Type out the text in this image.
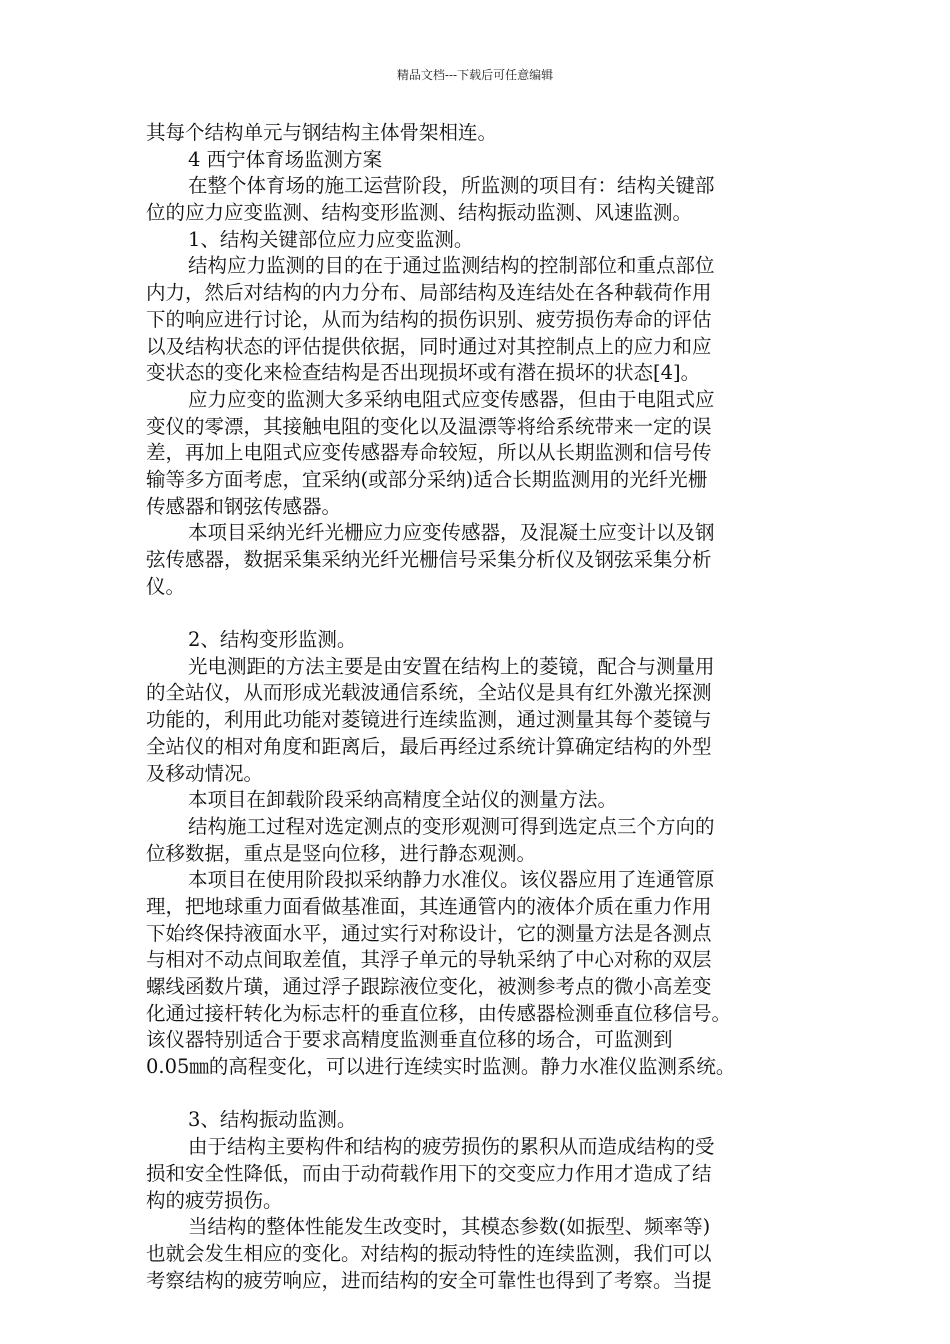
精品文档---下载后可任意编辑
其每个结构单元与钢结构主体骨架相连。
4 西宁体育场监测方案
在整个体育场的施工运营阶段，所监测的项目有：结构关键部
位的应力应变监测、结构变形监测、结构振动监测、风速监测。
1、结构关键部位应力应变监测。
结构应力监测的目的在于通过监测结构的控制部位和重点部位
内力，然后对结构的内力分布、局部结构及连结处在各种载荷作用
下的响应进行讨论，从而为结构的损伤识别、疲劳损伤寿命的评估
以及结构状态的评估提供依据，同时通过对其控制点上的应力和应
变状态的变化来检查结构是否出现损坏或有潜在损坏的状态[4]。
应力应变的监测大多采纳电阻式应变传感器，但由于电阻式应
变仪的零漂，其接触电阻的变化以及温漂等将给系统带来一定的误
差，再加上电阻式应变传感器寿命较短，所以从长期监测和信号传
输等多方面考虑，宜采纳(或部分采纳)适合长期监测用的光纤光栅
传感器和钢弦传感器。
本项目采纳光纤光栅应力应变传感器，及混凝土应变计以及钢
弦传感器，数据采集采纳光纤光栅信号采集分析仪及钢弦采集分析
仪。
2、结构变形监测。
光电测距的方法主要是由安置在结构上的菱镜，配合与测量用
的全站仪，从而形成光载波通信系统，全站仪是具有红外激光探测
功能的，利用此功能对菱镜进行连续监测，通过测量其每个菱镜与
全站仪的相对角度和距离后，最后再经过系统计算确定结构的外型
及移动情况。
本项目在卸载阶段采纳高精度全站仪的测量方法。
结构施工过程对选定测点的变形观测可得到选定点三个方向的
位移数据，重点是竖向位移，进行静态观测。
本项目在使用阶段拟采纳静力水准仪。该仪器应用了连通管原
理，把地球重力面看做基准面，其连通管内的液体介质在重力作用
下始终保持液面水平，通过实行对称设计，它的测量方法是各测点
与相对不动点间取差值，其浮子单元的导轨采纳了中心对称的双层
螺线函数片璜，通过浮子跟踪液位变化，被测参考点的微小高差变
化通过接杆转化为标志杆的垂直位移，由传感器检测垂直位移信号。
该仪器特别适合于要求高精度监测垂直位移的场合，可监测到
0.05㎜的高程变化，可以进行连续实时监测。静力水准仪监测系统。
3、结构振动监测。
由于结构主要构件和结构的疲劳损伤的累积从而造成结构的受
损和安全性降低，而由于动荷载作用下的交变应力作用才造成了结
构的疲劳损伤。
当结构的整体性能发生改变时，其模态参数(如振型、频率等)
也就会发生相应的变化。对结构的振动特性的连续监测，我们可以
考察结构的疲劳响应，进而结构的安全可靠性也得到了考察。当提
